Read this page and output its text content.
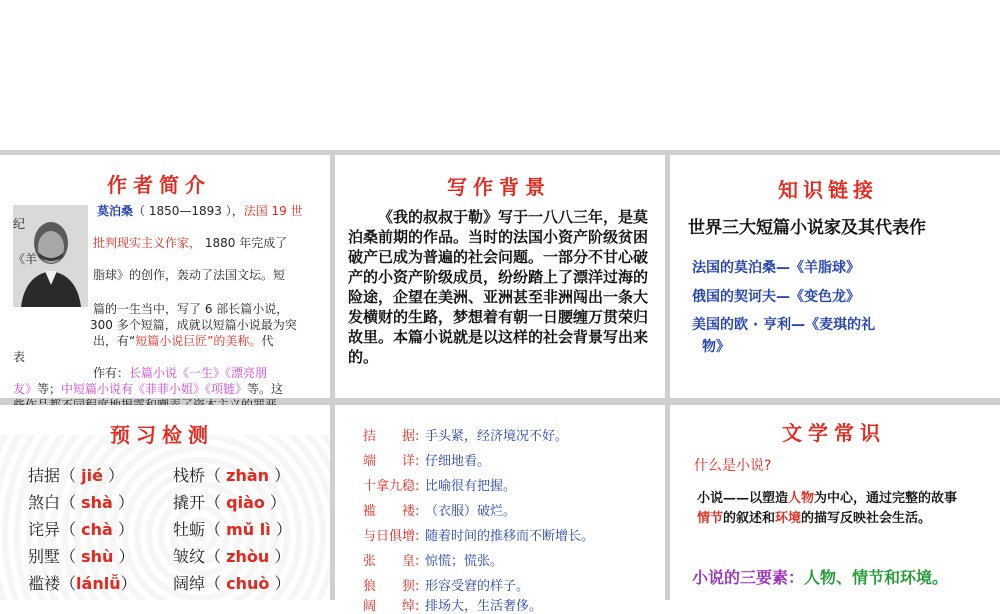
作者简介
纪
《羊
莫泊桑（ 1850—1893 ），法国 19 世
批判现实主义作家， 1880 年完成了
脂球》的创作，轰动了法国文坛。短
篇的一生当中，写了 6 部长篇小说，
300 多个短篇，成就以短篇小说最为突
出，有“短篇小说巨匠”的美称。代
表
作有：长篇小说《一生》《漂亮朋
友》等；中短篇小说有《菲菲小姐》《项链》等。这
写作背景
《我的叔叔于勒》写于一八八三年，是莫泊桑前期的作品。当时的法国小资产阶级贫困破产已成为普遍的社会问题。一部分不甘心破产的小资产阶级成员，纷纷踏上了漂洋过海的险途，企望在美洲、亚洲甚至非洲闯出一条大发横财的生路，梦想着有朝一日腰缠万贯荣归故里。本篇小说就是以这样的社会背景写出来的。
知识链接
世界三大短篇小说家及其代表作
法国的莫泊桑—《羊脂球》
俄国的契诃夫—《变色龙》
美国的欧 · 亨利—《麦琪的礼
物》
预习检测
拮据（ jié ）
煞白（ shà ）
诧异（ chà ）
别墅（ shù ）
褴褛（lánlǚ）
栈桥（ zhàn ）
撬开（ qiào ）
牡蛎（ mǔ lì ）
皱纹（ zhòu ）
阔绰（ chuò ）
拮　　据: 手头紧，经济境况不好。
端　　详: 仔细地看。
十拿九稳: 比喻很有把握。
褴　　褛: （衣服）破烂。
与日俱增: 随着时间的推移而不断增长。
张　　皇: 惊慌；慌张。
狼　　狈: 形容受窘的样子。
阔　　绰: 排场大，生活奢侈。
文学常识
什么是小说?
小说——以塑造人物为中心，通过完整的故事情节的叙述和环境的描写反映社会生活。
小说的三要素：人物、情节和环境。
